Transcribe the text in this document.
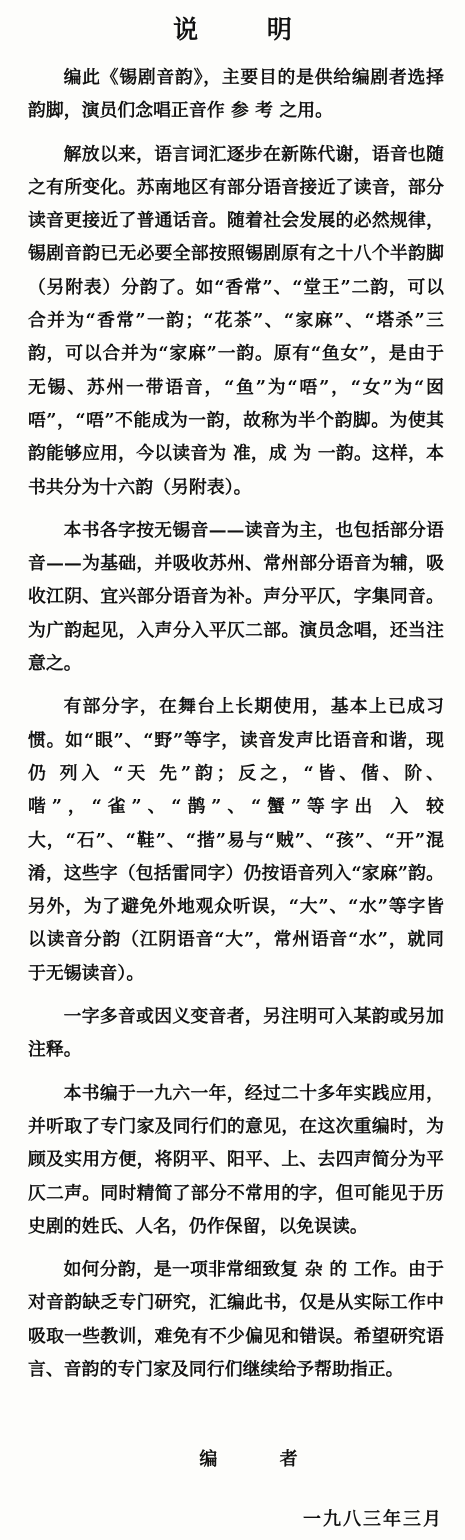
说 明

编此《锡剧音韵》，主要目的是供给编剧者选择韵脚，演员们念唱正音作 参 考 之用。

解放以来，语言词汇逐步在新陈代谢，语音也随之有所变化。苏南地区有部分语音接近了读音，部分读音更接近了普通话音。随着社会发展的必然规律，锡剧音韵已无必要全部按照锡剧原有之十八个半韵脚（另附表）分韵了。如“香常”、“堂王”二韵，可以合并为“香常”一韵；“花茶”、“家麻”、“塔杀”三韵，可以合并为“家麻”一韵。原有“鱼女”，是由于无锡、苏州一带语音，“鱼”为“唔”，“女”为“囡唔”，“唔”不能成为一韵，故称为半个韵脚。为使其韵能够应用，今以读音为 准，成 为 一韵。这样，本书共分为十六韵（另附表）。

本书各字按无锡音——读音为主，也包括部分语音——为基础，并吸收苏州、常州部分语音为辅，吸收江阴、宜兴部分语音为补。声分平仄，字集同音。为广韵起见，入声分入平仄二部。演员念唱，还当注意之。

有部分字，在舞台上长期使用，基本上已成习惯。如“眼”、“野”等字，读音发声比语音和谐，现仍 列入 “天 先”韵；反之，“皆、偕、阶、喈”，“雀”、“鹊”、“蟹”等字出 入 较 大，“石”、“鞋”、“揩”易与“贼”、“孩”、“开”混淆，这些字（包括雷同字）仍按语音列入“家麻”韵。另外，为了避免外地观众听误，“大”、“水”等字皆以读音分韵（江阴语音“大”，常州语音“水”，就同于无锡读音）。

一字多音或因义变音者，另注明可入某韵或另加注释。

本书编于一九六一年，经过二十多年实践应用，并听取了专门家及同行们的意见，在这次重编时，为顾及实用方便，将阴平、阳平、上、去四声简分为平仄二声。同时精简了部分不常用的字，但可能见于历史剧的姓氏、人名，仍作保留，以免误读。

如何分韵，是一项非常细致复 杂 的 工作。由于对音韵缺乏专门研究，汇编此书，仅是从实际工作中吸取一些教训，难免有不少偏见和错误。希望研究语言、音韵的专门家及同行们继续给予帮助指正。

编 者

一九八三年三月
